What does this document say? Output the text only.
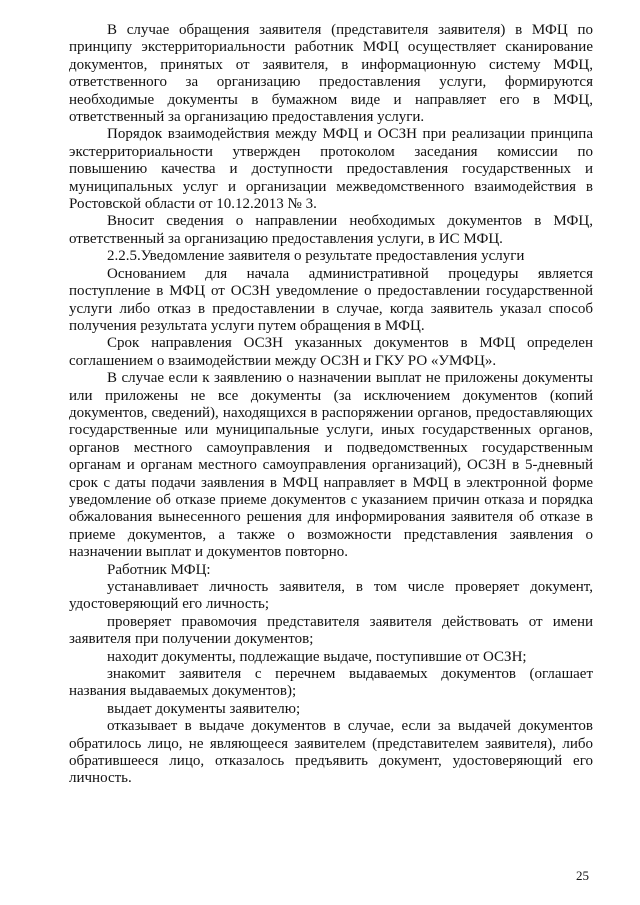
В случае обращения заявителя (представителя заявителя) в МФЦ по принципу экстерриториальности работник МФЦ осуществляет сканирование документов, принятых от заявителя, в информационную систему МФЦ, ответственного за организацию предоставления услуги, формируются необходимые документы в бумажном виде и направляет его в МФЦ, ответственный за организацию предоставления услуги.

Порядок взаимодействия между МФЦ и ОСЗН при реализации принципа экстерриториальности утвержден протоколом заседания комиссии по повышению качества и доступности предоставления государственных и муниципальных услуг и организации межведомственного взаимодействия в Ростовской области от 10.12.2013 № 3.

Вносит сведения о направлении необходимых документов в МФЦ, ответственный за организацию предоставления услуги, в ИС МФЦ.

2.2.5.Уведомление заявителя о результате предоставления услуги

Основанием для начала административной процедуры является поступление в МФЦ от ОСЗН уведомление о предоставлении государственной услуги либо отказ в предоставлении в случае, когда заявитель указал способ получения результата услуги путем обращения в МФЦ.

Срок направления ОСЗН указанных документов в МФЦ определен соглашением о взаимодействии между ОСЗН и ГКУ РО «УМФЦ».

В случае если к заявлению о назначении выплат не приложены документы или приложены не все документы (за исключением документов (копий документов, сведений), находящихся в распоряжении органов, предоставляющих государственные или муниципальные услуги, иных государственных органов, органов местного самоуправления и подведомственных государственным органам и органам местного самоуправления организаций), ОСЗН в 5-дневный срок с даты подачи заявления в МФЦ направляет в МФЦ в электронной форме уведомление об отказе приеме документов с указанием причин отказа и порядка обжалования вынесенного решения для информирования заявителя об отказе в приеме документов, а также о возможности представления заявления о назначении выплат и документов повторно.

Работник МФЦ:

устанавливает личность заявителя, в том числе проверяет документ, удостоверяющий его личность;

проверяет правомочия представителя заявителя действовать от имени заявителя при получении документов;

находит документы, подлежащие выдаче, поступившие от ОСЗН;

знакомит заявителя с перечнем выдаваемых документов (оглашает названия выдаваемых документов);

выдает документы заявителю;

отказывает в выдаче документов в случае, если за выдачей документов обратилось лицо, не являющееся заявителем (представителем заявителя), либо обратившееся лицо, отказалось предъявить документ, удостоверяющий его личность.

25
